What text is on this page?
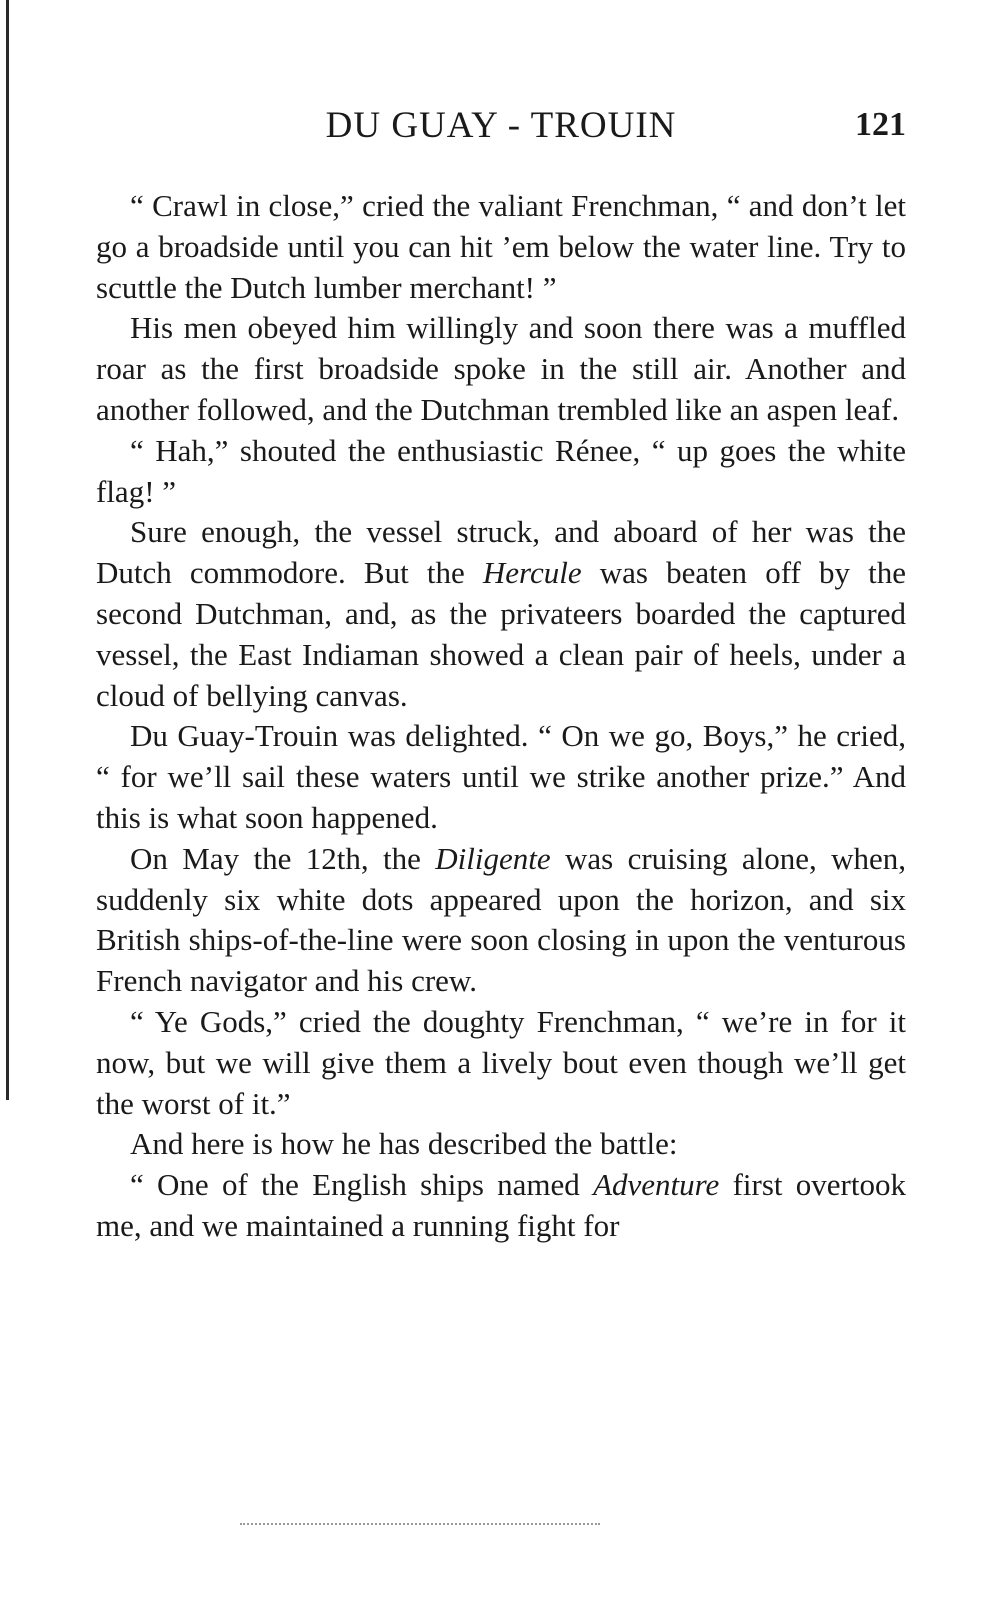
DU GUAY - TROUIN	121

“ Crawl in close,” cried the valiant Frenchman, “ and don’t let go a broadside until you can hit ’em below the water line. Try to scuttle the Dutch lumber merchant! ”

His men obeyed him willingly and soon there was a muffled roar as the first broadside spoke in the still air. Another and another followed, and the Dutchman trembled like an aspen leaf.

“ Hah,” shouted the enthusiastic Rénee, “ up goes the white flag! ”

Sure enough, the vessel struck, and aboard of her was the Dutch commodore. But the Hercule was beaten off by the second Dutchman, and, as the privateers boarded the captured vessel, the East Indiaman showed a clean pair of heels, under a cloud of bellying canvas.

Du Guay-Trouin was delighted. “ On we go, Boys,” he cried, “ for we’ll sail these waters until we strike another prize.” And this is what soon happened.

On May the 12th, the Diligente was cruising alone, when, suddenly six white dots appeared upon the horizon, and six British ships-of-the-line were soon closing in upon the venturous French navigator and his crew.

“ Ye Gods,” cried the doughty Frenchman, “ we’re in for it now, but we will give them a lively bout even though we’ll get the worst of it.”

And here is how he has described the battle:

“ One of the English ships named Adventure first overtook me, and we maintained a running fight for
